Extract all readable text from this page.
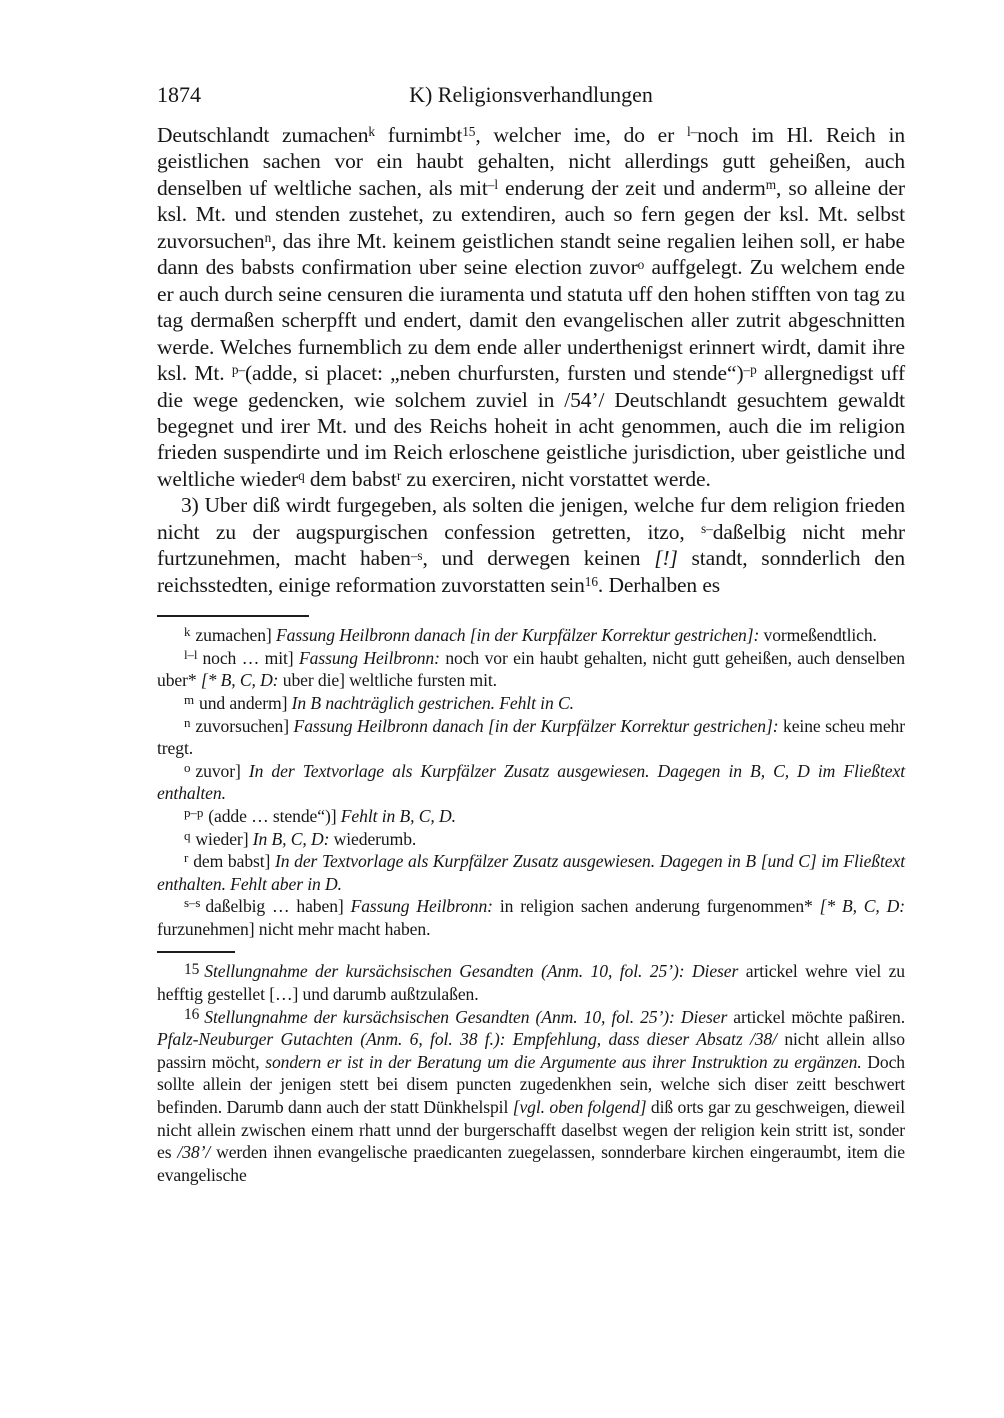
1874	K) Religionsverhandlungen

Deutschlandt zumachen$^k$ furnimbt$^{15}$, welcher ime, do er $^{l-}$noch im Hl. Reich in geistlichen sachen vor ein haubt gehalten, nicht allerdings gutt geheißen, auch denselben uf weltliche sachen, als mit$^{-l}$ enderung der zeit und anderm$^m$, so alleine der ksl. Mt. und stenden zustehet, zu extendiren, auch so fern gegen der ksl. Mt. selbst zuvorsuchen$^n$, das ihre Mt. keinem geistlichen standt seine regalien leihen soll, er habe dann des babsts confirmation uber seine election zuvor$^o$ auffgelegt. Zu welchem ende er auch durch seine censuren die iuramenta und statuta uff den hohen stifften von tag zu tag dermaßen scherpfft und endert, damit den evangelischen aller zutrit abgeschnitten werde. Welches furnemblich zu dem ende aller underthenigst erinnert wirdt, damit ihre ksl. Mt. $^{p-}$(adde, si placet: „neben churfursten, fursten und stende“)$^{-p}$ allergnedigst uff die wege gedencken, wie solchem zuviel in /54’/ Deutschlandt gesuchtem gewaldt begegnet und irer Mt. und des Reichs hoheit in acht genommen, auch die im religion frieden suspendirte und im Reich erloschene geistliche jurisdiction, uber geistliche und weltliche wieder$^q$ dem babst$^r$ zu exerciren, nicht vorstattet werde.

3) Uber diß wirdt furgegeben, als solten die jenigen, welche fur dem religion frieden nicht zu der augspurgischen confession getretten, itzo, $^{s-}$daßelbig nicht mehr furtzunehmen, macht haben$^{-s}$, und derwegen keinen [!] standt, sonnderlich den reichsstedten, einige reformation zuvorstatten sein$^{16}$. Derhalben es

$^k$ zumachen] Fassung Heilbronn danach [in der Kurpfälzer Korrektur gestrichen]: vormeßendtlich.

$^{l-l}$ noch … mit] Fassung Heilbronn: noch vor ein haubt gehalten, nicht gutt geheißen, auch denselben uber* [* B, C, D: uber die] weltliche fursten mit.

$^m$ und anderm] In B nachträglich gestrichen. Fehlt in C.

$^n$ zuvorsuchen] Fassung Heilbronn danach [in der Kurpfälzer Korrektur gestrichen]: keine scheu mehr tregt.

$^o$ zuvor] In der Textvorlage als Kurpfälzer Zusatz ausgewiesen. Dagegen in B, C, D im Fließtext enthalten.

$^{p-p}$ (adde … stende“)] Fehlt in B, C, D.

$^q$ wieder] In B, C, D: wiederumb.

$^r$ dem babst] In der Textvorlage als Kurpfälzer Zusatz ausgewiesen. Dagegen in B [und C] im Fließtext enthalten. Fehlt aber in D.

$^{s-s}$ daßelbig … haben] Fassung Heilbronn: in religion sachen anderung furgenommen* [* B, C, D: furzunehmen] nicht mehr macht haben.

$^{15}$ Stellungnahme der kursächsischen Gesandten (Anm. 10, fol. 25’): Dieser artickel wehre viel zu hefftig gestellet […] und darumb außtzulaßen.

$^{16}$ Stellungnahme der kursächsischen Gesandten (Anm. 10, fol. 25’): Dieser artickel möchte paßiren. Pfalz-Neuburger Gutachten (Anm. 6, fol. 38 f.): Empfehlung, dass dieser Absatz /38/ nicht allein allso passirn möcht, sondern er ist in der Beratung um die Argumente aus ihrer Instruktion zu ergänzen. Doch sollte allein der jenigen stett bei disem puncten zugedenkhen sein, welche sich diser zeitt beschwert befinden. Darumb dann auch der statt Dünkhelspil [vgl. oben folgend] diß orts gar zu geschweigen, dieweil nicht allein zwischen einem rhatt unnd der burgerschafft daselbst wegen der religion kein stritt ist, sonder es /38’/ werden ihnen evangelische praedicanten zuegelassen, sonnderbare kirchen eingeraumbt, item die evangelische
